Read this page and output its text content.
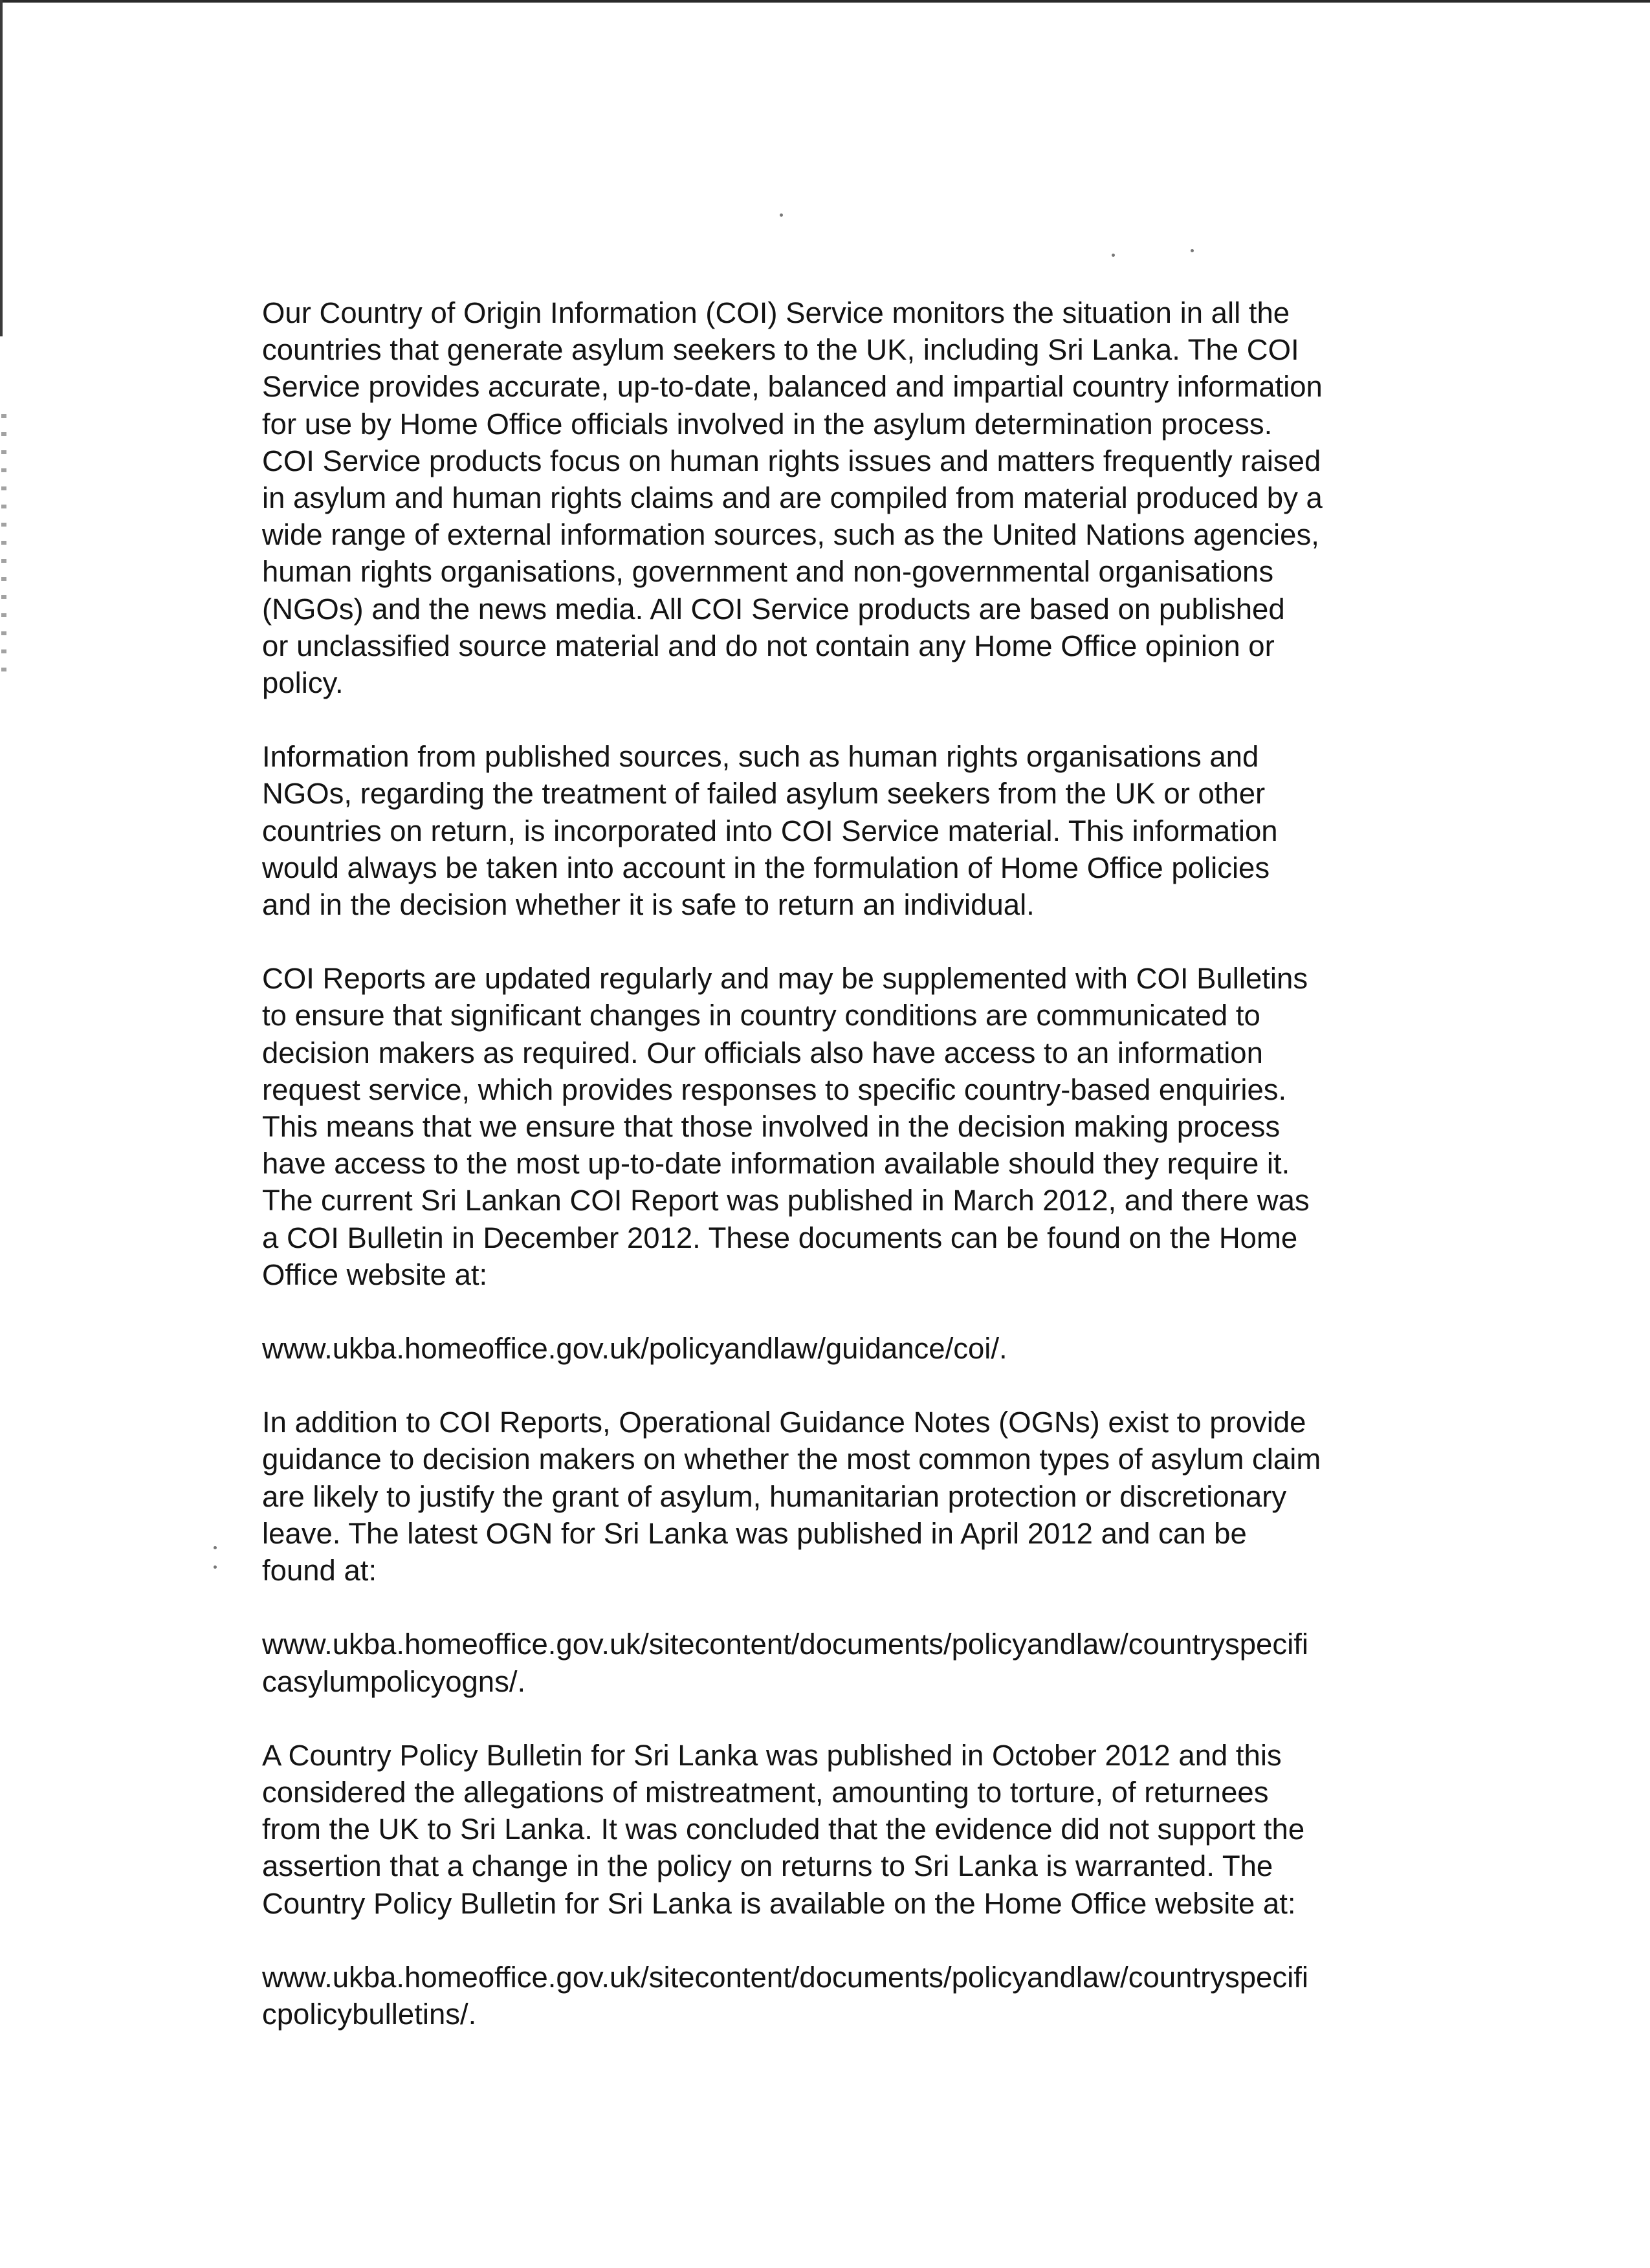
Our Country of Origin Information (COI) Service monitors the situation in all the
countries that generate asylum seekers to the UK, including Sri Lanka. The COI
Service provides accurate, up-to-date, balanced and impartial country information
for use by Home Office officials involved in the asylum determination process.
COI Service products focus on human rights issues and matters frequently raised
in asylum and human rights claims and are compiled from material produced by a
wide range of external information sources, such as the United Nations agencies,
human rights organisations, government and non-governmental organisations
(NGOs) and the news media. All COI Service products are based on published
or unclassified source material and do not contain any Home Office opinion or
policy.

Information from published sources, such as human rights organisations and
NGOs, regarding the treatment of failed asylum seekers from the UK or other
countries on return, is incorporated into COI Service material. This information
would always be taken into account in the formulation of Home Office policies
and in the decision whether it is safe to return an individual.

COI Reports are updated regularly and may be supplemented with COI Bulletins
to ensure that significant changes in country conditions are communicated to
decision makers as required. Our officials also have access to an information
request service, which provides responses to specific country-based enquiries.
This means that we ensure that those involved in the decision making process
have access to the most up-to-date information available should they require it.
The current Sri Lankan COI Report was published in March 2012, and there was
a COI Bulletin in December 2012. These documents can be found on the Home
Office website at:

www.ukba.homeoffice.gov.uk/policyandlaw/guidance/coi/.

In addition to COI Reports, Operational Guidance Notes (OGNs) exist to provide
guidance to decision makers on whether the most common types of asylum claim
are likely to justify the grant of asylum, humanitarian protection or discretionary
leave. The latest OGN for Sri Lanka was published in April 2012 and can be
found at:

www.ukba.homeoffice.gov.uk/sitecontent/documents/policyandlaw/countryspecifi
casylumpolicyogns/.

A Country Policy Bulletin for Sri Lanka was published in October 2012 and this
considered the allegations of mistreatment, amounting to torture, of returnees
from the UK to Sri Lanka. It was concluded that the evidence did not support the
assertion that a change in the policy on returns to Sri Lanka is warranted. The
Country Policy Bulletin for Sri Lanka is available on the Home Office website at:

www.ukba.homeoffice.gov.uk/sitecontent/documents/policyandlaw/countryspecifi
cpolicybulletins/.
